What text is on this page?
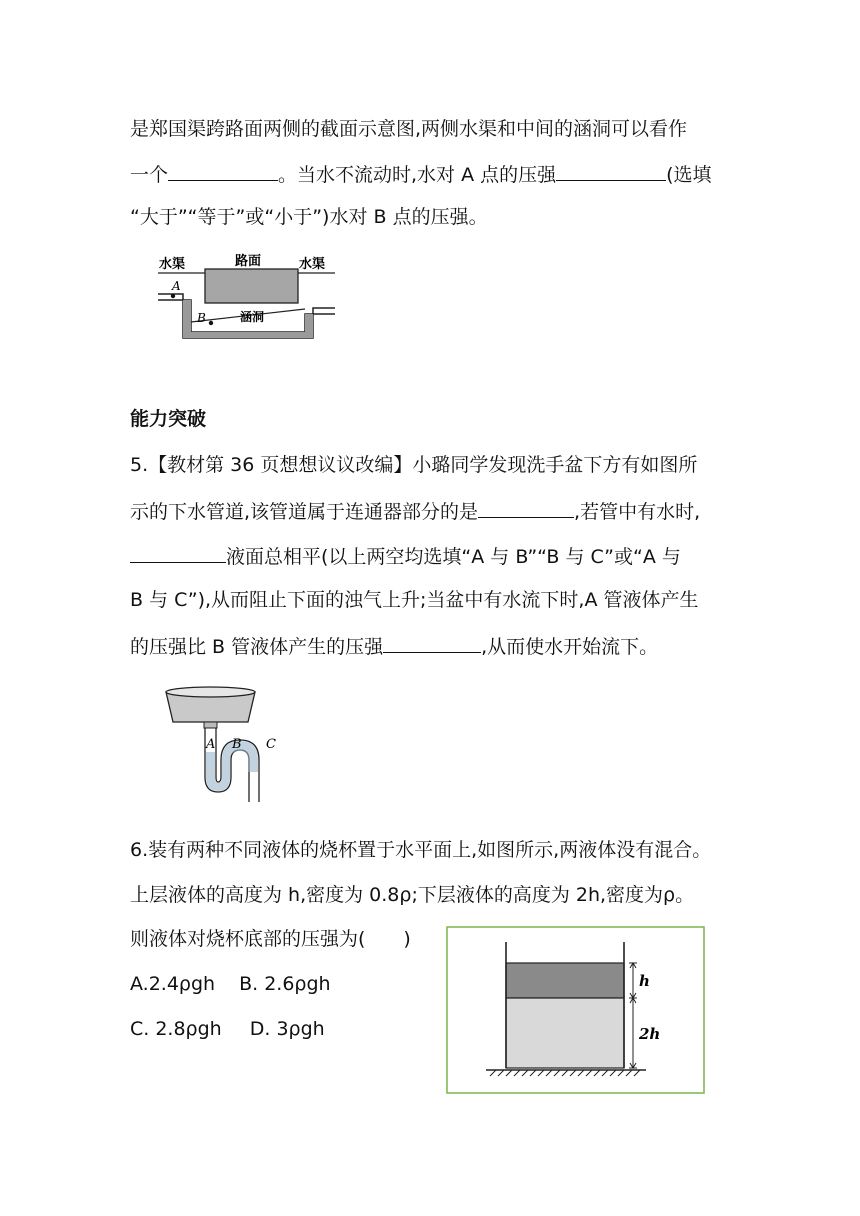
是郑国渠跨路面两侧的截面示意图,两侧水渠和中间的涵洞可以看作
一个	。当水不流动时,水对 A 点的压强	(选填
“大于”“等于”或“小于”)水对 B 点的压强。
水渠	路面	水渠
A
B	涵洞
能力突破
5.【教材第 36 页想想议议改编】小璐同学发现洗手盆下方有如图所
示的下水管道,该管道属于连通器部分的是	,若管中有水时,
液面总相平(以上两空均选填“A 与 B”“B 与 C”或“A 与
B 与 C”),从而阻止下面的浊气上升;当盆中有水流下时,A 管液体产生
的压强比 B 管液体产生的压强	,从而使水开始流下。
A B C
6.装有两种不同液体的烧杯置于水平面上,如图所示,两液体没有混合。
上层液体的高度为 h,密度为 0.8ρ;下层液体的高度为 2h,密度为ρ。
则液体对烧杯底部的压强为(　　)
A.2.4ρgh B. 2.6ρgh
C. 2.8ρgh D. 3ρgh
h
2h
